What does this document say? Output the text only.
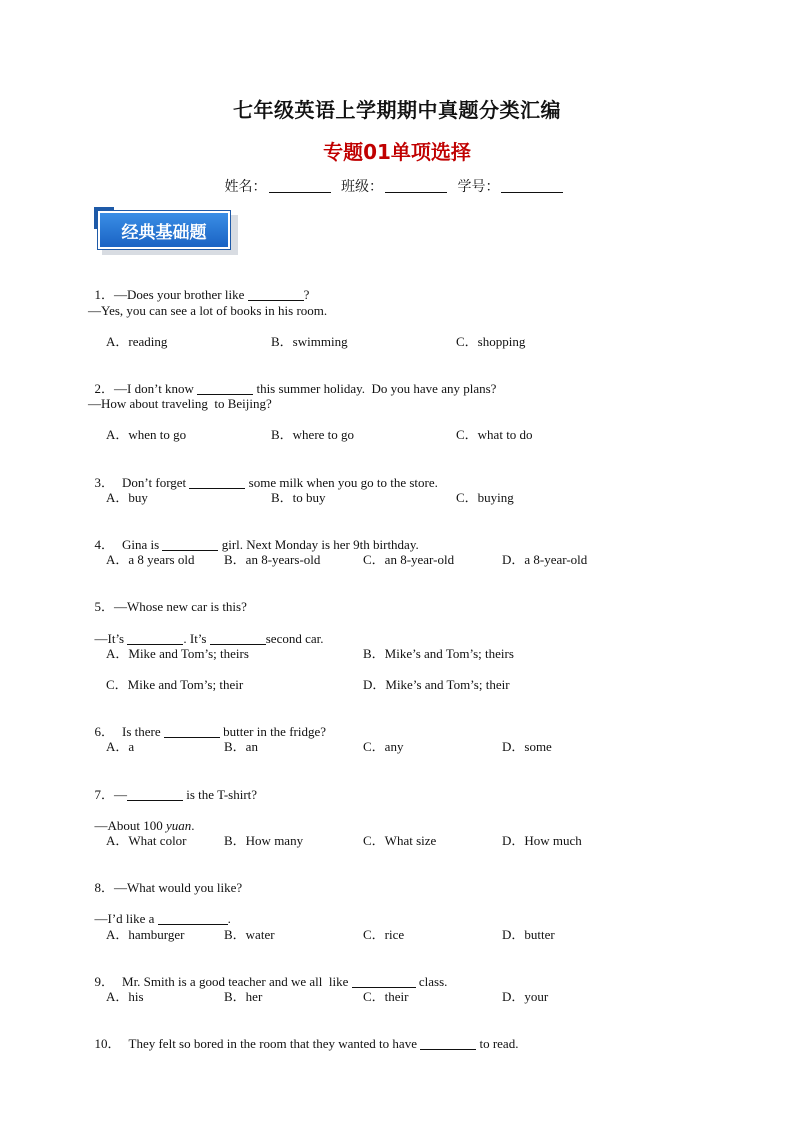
七年级英语上学期期中真题分类汇编
专题01单项选择
姓名：	班级：	学号：
经典基础题

1．—Does your brother like	?

—Yes, you can see a lot of books in his room.
A．reading	B．swimming	C．shopping

2．—I don’t know	this summer holiday.  Do you have any plans?

—How about traveling  to Beijing?
A．when to go	B．where to go	C．what to do

3． Don’t forget	some milk when you go to the store.

A．buy	B．to buy	C．buying

4． Gina is	girl. Next Monday is her 9th birthday.

A．a 8 years old B．an 8-years-old	C．an 8-year-old	D．a 8-year-old

5．—Whose new car is this?

—It’s	. It’s	second car.

A．Mike and Tom’s; theirs	B．Mike’s and Tom’s; theirs
C．Mike and Tom’s; their	D．Mike’s and Tom’s; their

6． Is there	butter in the fridge?

A．a	B．an	C．any	D．some

7．—	is the T-shirt?

—About 100 yuan.

A．What color	B．How many	C．What size	D．How much

8．—What would you like?

—I’d like a	.

A．hamburger	B．water	C．rice	D．butter

9． Mr. Smith is a good teacher and we all  like	class.

A．his	B．her	C．their	D．your

10． They felt so bored in the room that they wanted to have	to read.
